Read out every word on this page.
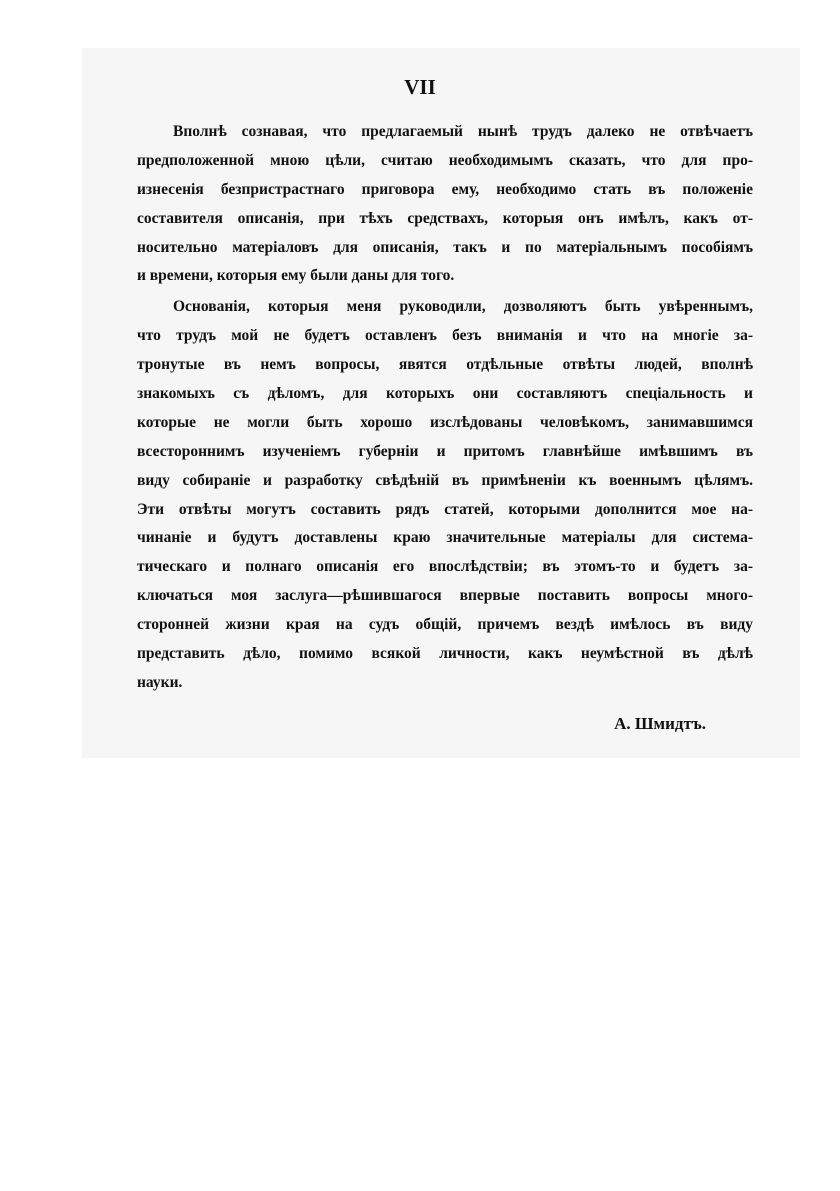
VII
Вполнѣ сознавая, что предлагаемый нынѣ трудъ далеко не отвѣчаетъ
предположенной мною цѣли, считаю необходимымъ сказать, что для про-
изнесенія безпристрастнаго приговора ему, необходимо стать въ положеніе
составителя описанія, при тѣхъ средствахъ, которыя онъ имѣлъ, какъ от-
носительно матеріаловъ для описанія, такъ и по матеріальнымъ пособіямъ
и времени, которыя ему были даны для того.
Основанія, которыя меня руководили, дозволяютъ быть увѣреннымъ,
что трудъ мой не будетъ оставленъ безъ вниманія и что на многіе за-
тронутые въ немъ вопросы, явятся отдѣльные отвѣты людей, вполнѣ
знакомыхъ съ дѣломъ, для которыхъ они составляютъ спеціальность и
которые не могли быть хорошо изслѣдованы человѣкомъ, занимавшимся
всестороннимъ изученіемъ губерніи и притомъ главнѣйше имѣвшимъ въ
виду собираніе и разработку свѣдѣній въ примѣненіи къ военнымъ цѣлямъ.
Эти отвѣты могутъ составить рядъ статей, которыми дополнится мое на-
чинаніе и будутъ доставлены краю значительные матеріалы для система-
тическаго и полнаго описанія его впослѣдствіи; въ этомъ-то и будетъ за-
ключаться моя заслуга—рѣшившагося впервые поставить вопросы много-
сторонней жизни края на судъ общій, причемъ вездѣ имѣлось въ виду
представить дѣло, помимо всякой личности, какъ неумѣстной въ дѣлѣ
науки.
А. Шмидтъ.
